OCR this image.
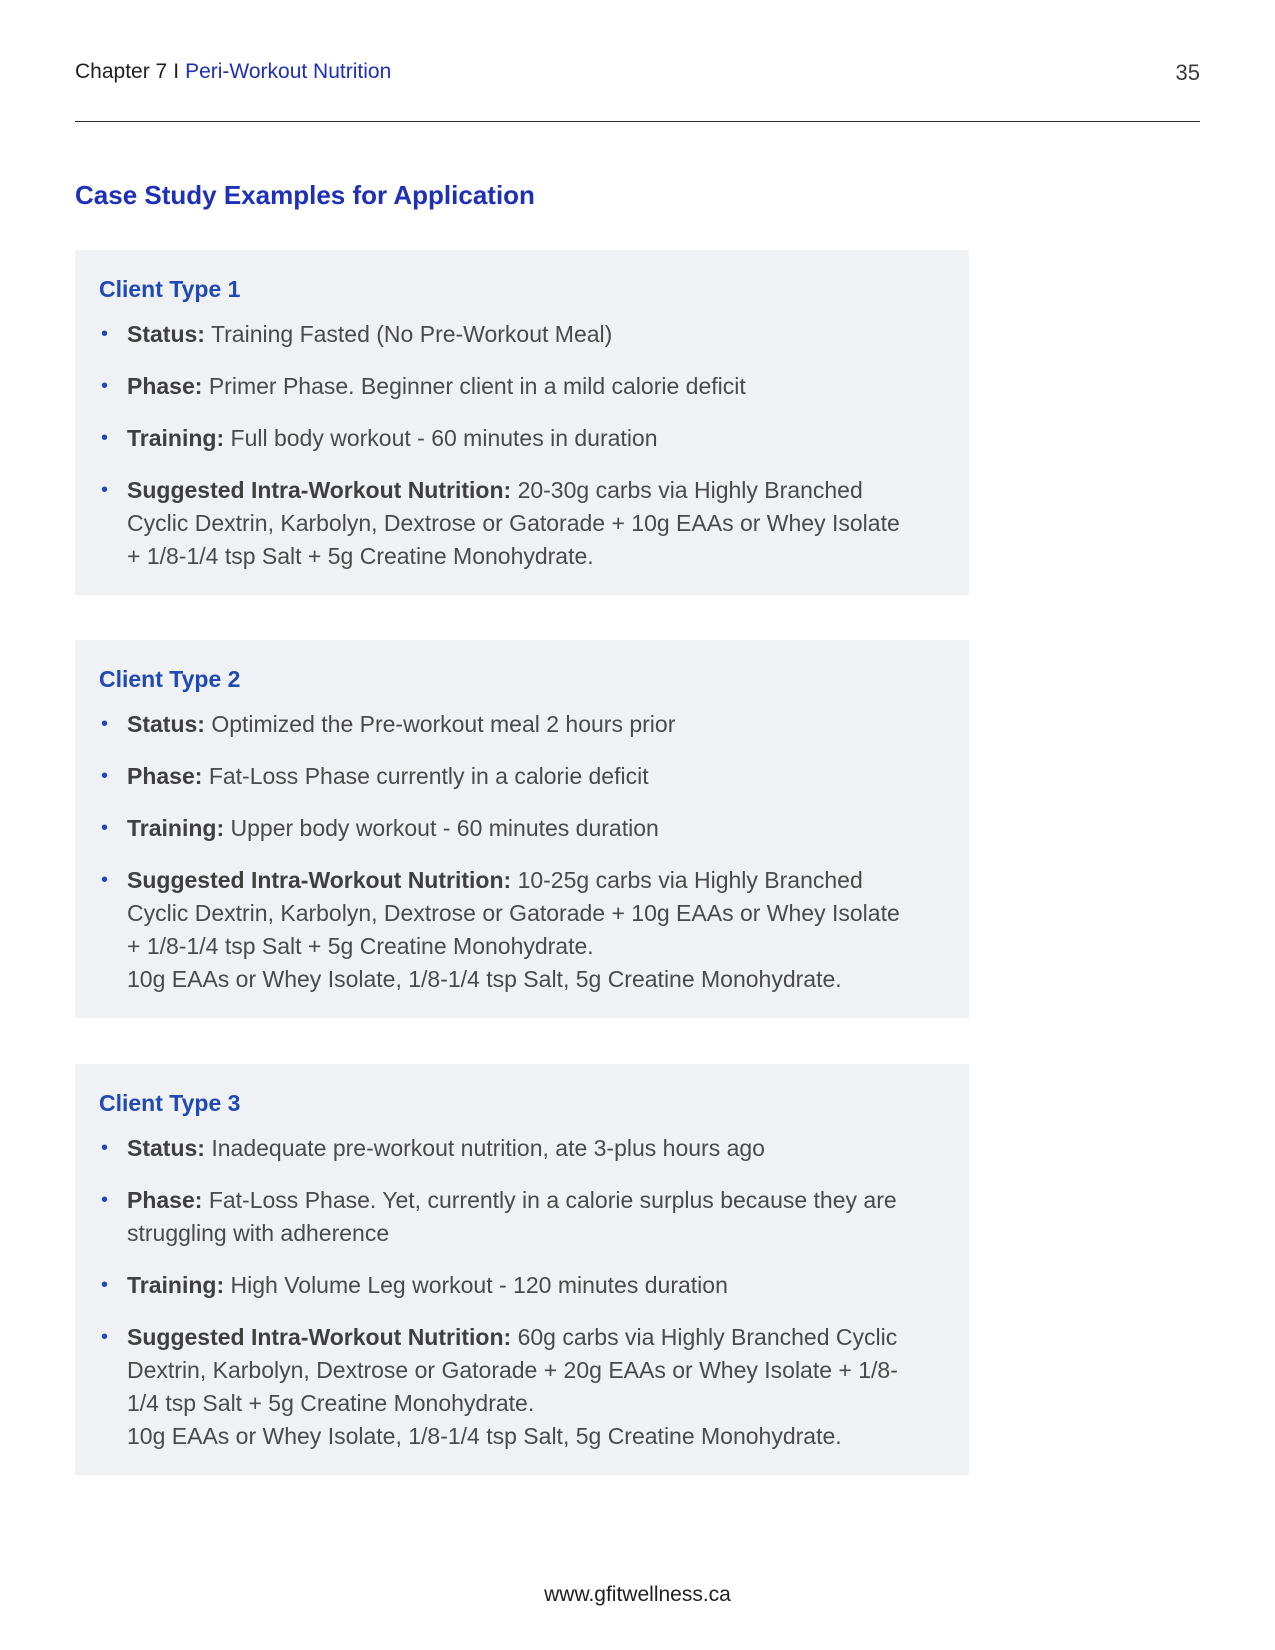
Chapter 7 I Peri-Workout Nutrition	35
Case Study Examples for Application
Client Type 1
• Status: Training Fasted (No Pre-Workout Meal)
• Phase: Primer Phase. Beginner client in a mild calorie deficit
• Training: Full body workout - 60 minutes in duration
• Suggested Intra-Workout Nutrition: 20-30g carbs via Highly Branched Cyclic Dextrin, Karbolyn, Dextrose or Gatorade + 10g EAAs or Whey Isolate + 1/8-1/4 tsp Salt + 5g Creatine Monohydrate.
Client Type 2
• Status: Optimized the Pre-workout meal 2 hours prior
• Phase: Fat-Loss Phase currently in a calorie deficit
• Training: Upper body workout - 60 minutes duration
• Suggested Intra-Workout Nutrition: 10-25g carbs via Highly Branched Cyclic Dextrin, Karbolyn, Dextrose or Gatorade + 10g EAAs or Whey Isolate + 1/8-1/4 tsp Salt + 5g Creatine Monohydrate.
10g EAAs or Whey Isolate, 1/8-1/4 tsp Salt, 5g Creatine Monohydrate.
Client Type 3
• Status: Inadequate pre-workout nutrition, ate 3-plus hours ago
• Phase: Fat-Loss Phase. Yet, currently in a calorie surplus because they are struggling with adherence
• Training: High Volume Leg workout - 120 minutes duration
• Suggested Intra-Workout Nutrition: 60g carbs via Highly Branched Cyclic Dextrin, Karbolyn, Dextrose or Gatorade + 20g EAAs or Whey Isolate + 1/8-1/4 tsp Salt + 5g Creatine Monohydrate.
10g EAAs or Whey Isolate, 1/8-1/4 tsp Salt, 5g Creatine Monohydrate.
www.gfitwellness.ca
